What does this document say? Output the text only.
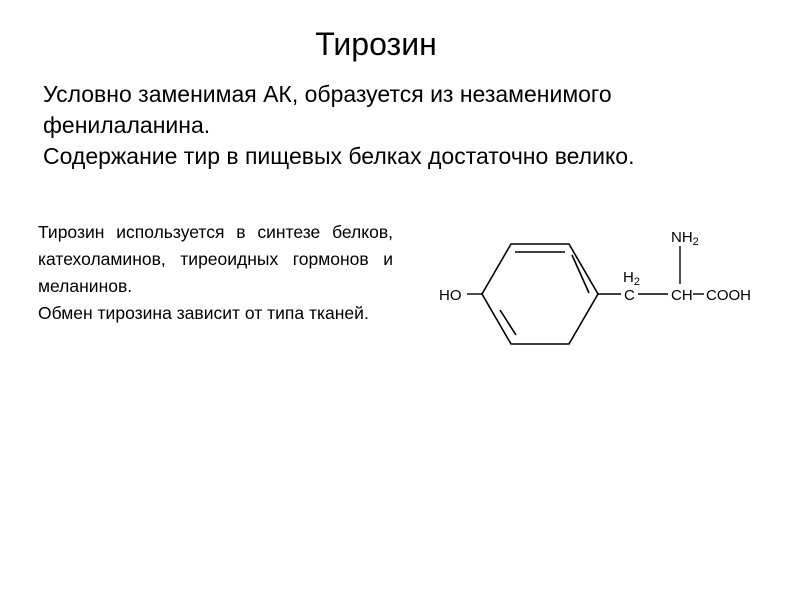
Тирозин

Условно заменимая АК, образуется из незаменимого фенилаланина.

Содержание тир в пищевых белках достаточно велико.

Тирозин используется в синтезе белков, катехоламинов, тиреоидных гормонов и меланинов.

Обмен тирозина зависит от типа тканей.

HO
$H_2$
C CH
$NH_2$
COOH
